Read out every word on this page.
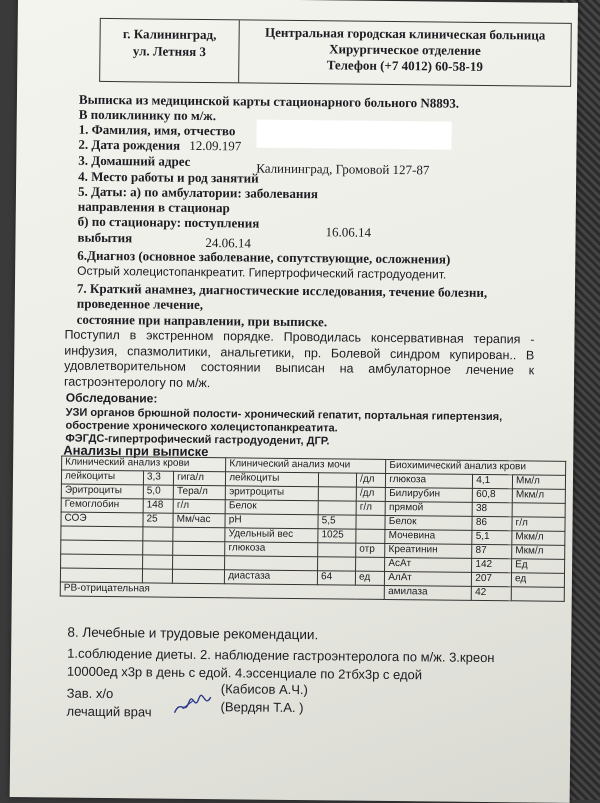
г. Калининград,
ул. Летняя 3
Центральная городская клиническая больница
Хирургическое отделение
Телефон (+7 4012) 60-58-19
Выписка из медицинской карты стационарного больного N8893.
В поликлинику по м/ж.
1. Фамилия, имя, отчество
2. Дата рождения 12.09.197
3. Домашний адрес	Калининград, Громовой 127-87
4. Место работы и род занятий
5. Даты: а) по амбулатории: заболевания
направления в стационар
б) по стационару: поступления
16.06.14
выбытия	24.06.14
6.Диагноз (основное заболевание, сопутствующие, осложнения)
Острый холецистопанкреатит. Гипертрофический гастродуоденит.
7. Краткий анамнез, диагностические исследования, течение болезни,
проведенное лечение,
состояние при направлении, при выписке.
Поступил в экстренном порядке. Проводилась консервативная терапия - инфузия, спазмолитики, анальгетики, пр. Болевой синдром купирован.. В удовлетворительном состоянии выписан на амбулаторное лечение к гастроэнтерологу по м/ж.
Обследование:
УЗИ органов брюшной полости- хронический гепатит, портальная гипертензия,
обострение хронического холецистопанкреатита.
ФЭГДС-гипертрофический гастродуоденит, ДГР.
Анализы при выписке
Клинический анализ крови			Клинический анализ мочи			Биохимический анализ крови		
лейкоциты	3,3	гига/л	лейкоциты		/дл	глюкоза	4,1	Мм/л
Эритроциты	5,0	Тера/л	эритроциты		/дл	Билирубин	60,8	Мкм/л
Гемоглобин	148	г/л	Белок		г/л	прямой	38	
СОЭ	25	Мм/час	pH	5,5		Белок	86	г/л
			Удельный вес	1025		Мочевина	5,1	Мкм/л
			глюкоза		отр	Креатинин	87	Мкм/л
						АсАт	142	Ед
			диастаза	64	ед	АлАт	207	ед
РВ-отрицательная						амилаза	42	
8. Лечебные и трудовые рекомендации.
1.соблюдение диеты. 2. наблюдение гастроэнтеролога по м/ж. 3.креон
10000ед х3р в день с едой. 4.эссенциале по 2тбх3р с едой
Зав. х/о	(Кабисов А.Ч.)
лечащий врач	(Вердян Т.А. )
